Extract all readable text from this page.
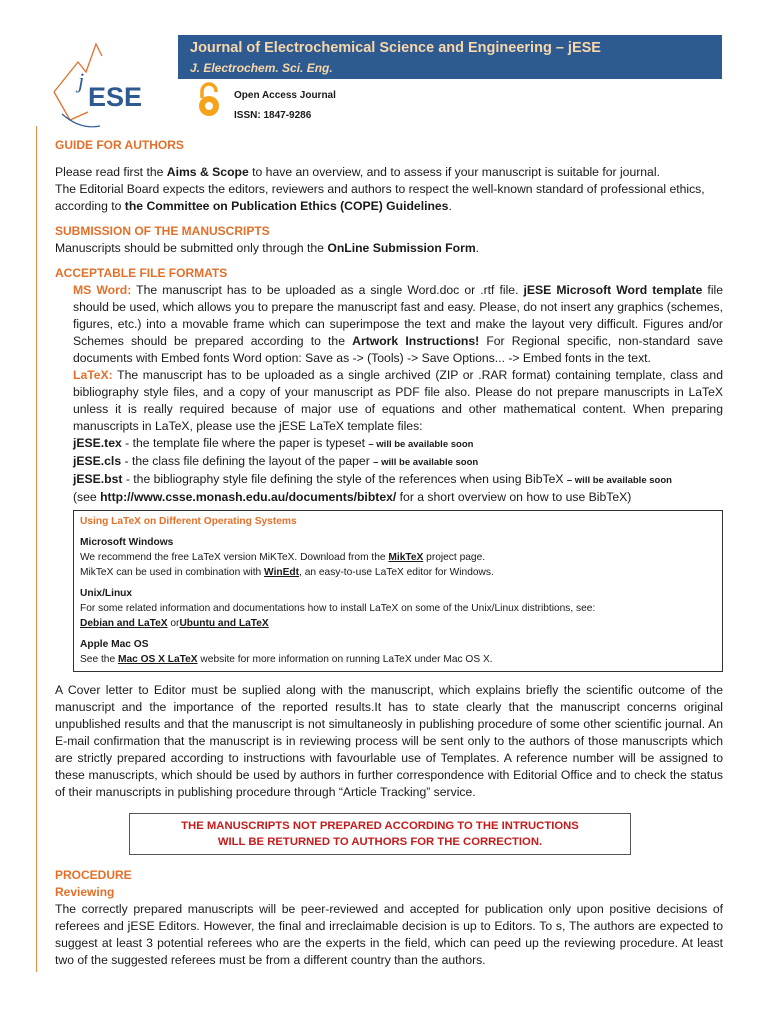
j
ESE
Journal of Electrochemical Science and Engineering – jESE
J. Electrochem. Sci. Eng.
Open Access Journal
ISSN: 1847-9286

GUIDE FOR AUTHORS

Please read first the Aims & Scope to have an overview, and to assess if your manuscript is suitable for journal.

The Editorial Board expects the editors, reviewers and authors to respect the well-known standard of professional ethics, according to the Committee on Publication Ethics (COPE) Guidelines.

SUBMISSION OF THE MANUSCRIPTS

Manuscripts should be submitted only through the OnLine Submission Form.

ACCEPTABLE FILE FORMATS

MS Word: The manuscript has to be uploaded as a single Word.doc or .rtf file. jESE Microsoft Word template file should be used, which allows you to prepare the manuscript fast and easy. Please, do not insert any graphics (schemes, figures, etc.) into a movable frame which can superimpose the text and make the layout very difficult. Figures and/or Schemes should be prepared according to the Artwork Instructions! For Regional specific, non-standard save documents with Embed fonts Word option: Save as -> (Tools) -> Save Options... -> Embed fonts in the text.

LaTeX: The manuscript has to be uploaded as a single archived (ZIP or .RAR format) containing template, class and bibliography style files, and a copy of your manuscript as PDF file also. Please do not prepare manuscripts in LaTeX unless it is really required because of major use of equations and other mathematical content. When preparing manuscripts in LaTeX, please use the jESE LaTeX template files:

jESE.tex - the template file where the paper is typeset – will be available soon

jESE.cls - the class file defining the layout of the paper – will be available soon

jESE.bst - the bibliography style file defining the style of the references when using BibTeX – will be available soon

(see http://www.csse.monash.edu.au/documents/bibtex/ for a short overview on how to use BibTeX)

Using LaTeX on Different Operating Systems

Microsoft Windows

We recommend the free LaTeX version MiKTeX. Download from the MikTeX project page.

MikTeX can be used in combination with WinEdt, an easy-to-use LaTeX editor for Windows.

Unix/Linux

For some related information and documentations how to install LaTeX on some of the Unix/Linux distribtions, see:

Debian and LaTeX orUbuntu and LaTeX

Apple Mac OS

See the Mac OS X LaTeX website for more information on running LaTeX under Mac OS X.

A Cover letter to Editor must be suplied along with the manuscript, which explains briefly the scientific outcome of the manuscript and the importance of the reported results.It has to state clearly that the manuscript concerns original unpublished results and that the manuscript is not simultaneosly in publishing procedure of some other scientific journal. An E-mail confirmation that the manuscript is in reviewing process will be sent only to the authors of those manuscripts which are strictly prepared according to instructions with favourlable use of Templates. A reference number will be assigned to these manuscripts, which should be used by authors in further correspondence with Editorial Office and to check the status of their manuscripts in publishing procedure through “Article Tracking” service.

THE MANUSCRIPTS NOT PREPARED ACCORDING TO THE INTRUCTIONS
WILL BE RETURNED TO AUTHORS FOR THE CORRECTION.

PROCEDURE

Reviewing

The correctly prepared manuscripts will be peer-reviewed and accepted for publication only upon positive decisions of referees and jESE Editors. However, the final and irreclaimable decision is up to Editors. To s, The authors are expected to suggest at least 3 potential referees who are the experts in the field, which can peed up the reviewing procedure. At least two of the suggested referees must be from a different country than the authors.
